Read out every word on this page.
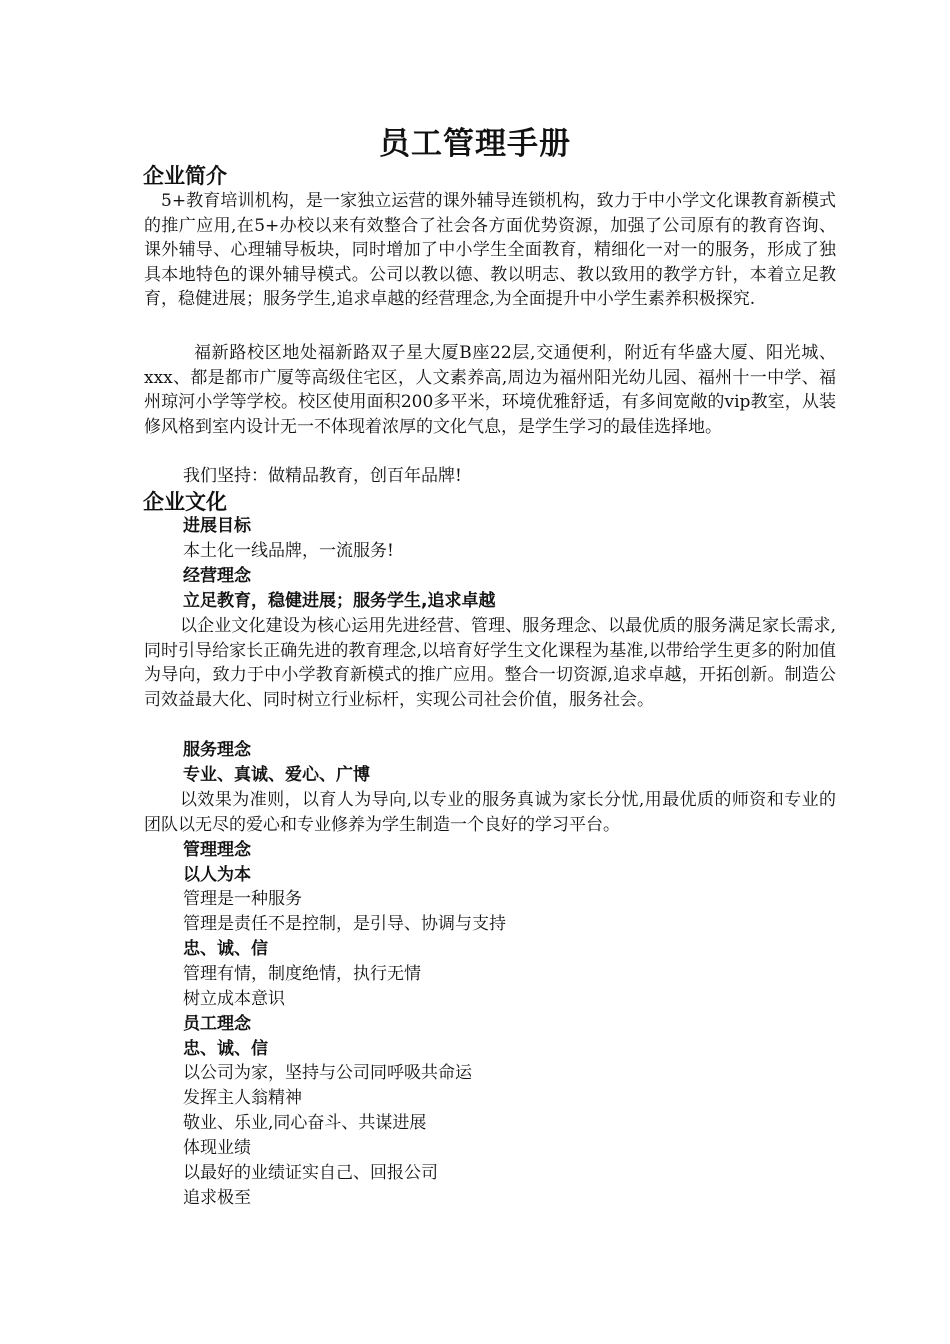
员工管理手册
企业简介
5+教育培训机构，是一家独立运营的课外辅导连锁机构，致力于中小学文化课教育新模式的推广应用,在5+办校以来有效整合了社会各方面优势资源，加强了公司原有的教育咨询、课外辅导、心理辅导板块，同时增加了中小学生全面教育，精细化一对一的服务，形成了独具本地特色的课外辅导模式。公司以教以德、教以明志、教以致用的教学方针，本着立足教育，稳健进展；服务学生,追求卓越的经营理念,为全面提升中小学生素养积极探究.
福新路校区地处福新路双子星大厦B座22层,交通便利，附近有华盛大厦、阳光城、xxx、都是都市广厦等高级住宅区，人文素养高,周边为福州阳光幼儿园、福州十一中学、福州琼河小学等学校。校区使用面积200多平米，环境优雅舒适，有多间宽敞的vip教室，从装修风格到室内设计无一不体现着浓厚的文化气息，是学生学习的最佳选择地。
我们坚持：做精品教育，创百年品牌!
企业文化
进展目标
本土化一线品牌，一流服务!
经营理念
立足教育，稳健进展；服务学生,追求卓越
以企业文化建设为核心运用先进经营、管理、服务理念、以最优质的服务满足家长需求,同时引导给家长正确先进的教育理念,以培育好学生文化课程为基准,以带给学生更多的附加值为导向，致力于中小学教育新模式的推广应用。整合一切资源,追求卓越，开拓创新。制造公司效益最大化、同时树立行业标杆，实现公司社会价值，服务社会。
服务理念
专业、真诚、爱心、广博
以效果为准则，以育人为导向,以专业的服务真诚为家长分忧,用最优质的师资和专业的团队以无尽的爱心和专业修养为学生制造一个良好的学习平台。
管理理念
以人为本
管理是一种服务
管理是责任不是控制，是引导、协调与支持
忠、诚、信
管理有情，制度绝情，执行无情
树立成本意识
员工理念
忠、诚、信
以公司为家，坚持与公司同呼吸共命运
发挥主人翁精神
敬业、乐业,同心奋斗、共谋进展
体现业绩
以最好的业绩证实自己、回报公司
追求极至
